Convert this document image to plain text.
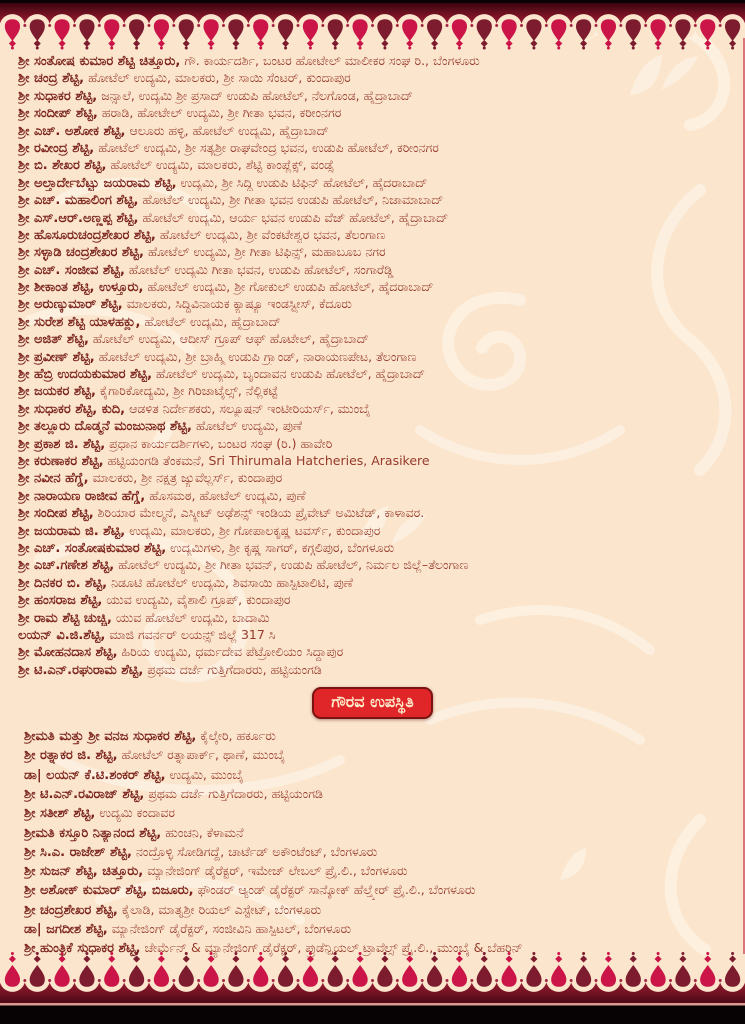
ಶ್ರೀ ಸಂತೋಷ ಕುಮಾರ ಶೆಟ್ಟಿ ಚಿತ್ತೂರು, ಗೌ. ಕಾರ್ಯದರ್ಶಿ, ಬಂಟರ ಹೋಟೇಲ್ ಮಾಲೀಕರ ಸಂಘ ರಿ., ಬೆಂಗಳೂರು
ಶ್ರೀ ಚಂದ್ರ ಶೆಟ್ಟಿ, ಹೋಟೆಲ್ ಉದ್ಯಮಿ, ಮಾಲಕರು, ಶ್ರೀ ಸಾಯಿ ಸೆಂಟರ್, ಕುಂದಾಪುರ
ಶ್ರೀ ಸುಧಾಕರ ಶೆಟ್ಟಿ, ಜನ್ಸಾಲೆ, ಉದ್ಯಮಿ ಶ್ರೀ ಪ್ರಸಾದ್ ಉಡುಪಿ ಹೋಟೆಲ್, ನೆಲಗೊಂಡ, ಹೈದ್ರಾಬಾದ್
ಶ್ರೀ ಸಂದೀಪ್ ಶೆಟ್ಟಿ, ಹರಾಡಿ, ಹೋಟೇಲ್ ಉದ್ಯಮಿ, ಶ್ರೀ ಗೀತಾ ಭವನ, ಕರೀಂನಗರ
ಶ್ರೀ ಎಚ್. ಅಶೋಕ ಶೆಟ್ಟಿ, ಆಲೂರು ಹಳ್ಳಿ, ಹೋಟೆಲ್ ಉದ್ಯಮಿ, ಹೈದ್ರಾಬಾದ್
ಶ್ರೀ ರವೀಂದ್ರ ಶೆಟ್ಟಿ, ಹೋಟೆಲ್ ಉದ್ಯಮಿ, ಶ್ರೀ ಸತ್ಯಶ್ರೀ ರಾಘವೇಂದ್ರ ಭವನ, ಉಡುಪಿ ಹೋಟೆಲ್, ಕರೀಂನಗರ
ಶ್ರೀ ಬಿ. ಶೇಖರ ಶೆಟ್ಟಿ, ಹೋಟೆಲ್ ಉದ್ಯಮಿ, ಮಾಲಕರು, ಶೆಟ್ಟಿ ಕಾಂಪ್ಲೆಕ್ಸ್, ವಂಡ್ಸೆ
ಶ್ರೀ ಅಲ್ತಾರ್ದೇಬೆಟ್ಟು ಜಯರಾಮ ಶೆಟ್ಟಿ, ಉದ್ಯಮಿ, ಶ್ರೀ ಸಿದ್ಧಿ ಉಡುಪಿ ಟಿಫಿನ್ ಹೋಟೆಲ್, ಹೈದರಾಬಾದ್
ಶ್ರೀ ಎಚ್. ಮಹಾಲಿಂಗ ಶೆಟ್ಟಿ, ಹೋಟೆಲ್ ಉದ್ಯಮಿ, ಶ್ರೀ ಗೀತಾ ಭವನ ಉಡುಪಿ ಹೋಟೆಲ್, ನಿಜಾಮಾಬಾದ್
ಶ್ರೀ ಎಸ್.ಆರ್.ಅಣ್ಣಪ್ಪ ಶೆಟ್ಟಿ, ಹೋಟೆಲ್ ಉದ್ಯಮಿ, ಆರ್ಯ ಭವನ ಉಡುಪಿ ವೆಜ್ ಹೋಟೆಲ್, ಹೈದ್ರಾಬಾದ್
ಶ್ರೀ ಹೊಸೂರುಚಂದ್ರಶೇಖರ ಶೆಟ್ಟಿ, ಹೋಟೆಲ್ ಉದ್ಯಮಿ, ಶ್ರೀ ವೆಂಕಟೇಶ್ವರ ಭವನ, ತೆಲಂಗಾಣ
ಶ್ರೀ ಸಳ್ಳಾಡಿ ಚಂದ್ರಶೇಖರ ಶೆಟ್ಟಿ, ಹೋಟೆಲ್ ಉದ್ಯಮಿ, ಶ್ರೀ ಗೀತಾ ಟಿಫಿನ್ಸ್, ಮಹಾಬೂಬ ನಗರ
ಶ್ರೀ ಎಚ್. ಸಂಜೀವ ಶೆಟ್ಟಿ, ಹೋಟೆಲ್ ಉದ್ಯಮಿ ಗೀತಾ ಭವನ, ಉಡುಪಿ ಹೋಟೆಲ್, ಸಂಗಾರೆಡ್ಡಿ
ಶ್ರೀ ಶೀಕಾಂತ ಶೆಟ್ಟಿ, ಉಳ್ತೂರು, ಹೋಟೆಲ್ ಉದ್ಯಮಿ, ಶ್ರೀ ಗೋಕುಲ್ ಉಡುಪಿ ಹೋಟೆಲ್, ಹೈದರಾಬಾದ್
ಶ್ರೀ ಅರುಣ್ಕುಮಾರ್ ಶೆಟ್ಟಿ, ಮಾಲಕರು, ಸಿದ್ಧಿವಿನಾಯಕ ಕ್ಯಾಷ್ಯೂ ಇಂಡಸ್ಟ್ರೀಸ್, ಕೆದೂರು
ಶ್ರೀ ಸುರೇಶ ಶೆಟ್ಟಿ ಯಾಳಹಕ್ಲು, ಹೋಟೆಲ್ ಉದ್ಯಮಿ, ಹೈದ್ರಾಬಾದ್
ಶ್ರೀ ಅಜಿತ್ ಶೆಟ್ಟಿ, ಹೋಟೆಲ್ ಉದ್ಯಮಿ, ಆದೀಸ್ ಗ್ರೂಪ್ ಆಫ್ ಹೊಟೇಲ್, ಹೈದ್ರಾಬಾದ್
ಶ್ರೀ ಪ್ರವೀಣ್ ಶೆಟ್ಟಿ, ಹೋಟೆಲ್ ಉದ್ಯಮಿ, ಶ್ರೀ ಬ್ರಾಹ್ಮಿ ಉಡುಪಿ ಗ್ರ್ಯಾಂಡ್, ನಾರಾಯಣಪೇಟ, ತೆಲಂಗಾಣ
ಶ್ರೀ ಹೆಬ್ರಿ ಉದಯಕುಮಾರ ಶೆಟ್ಟಿ, ಹೋಟೆಲ್ ಉದ್ಯಮಿ, ಬೃಂದಾವನ ಉಡುಪಿ ಹೋಟೆಲ್, ಹೈದ್ರಾಬಾದ್
ಶ್ರೀ ಜಯಕರ ಶೆಟ್ಟಿ, ಕೈಗಾರಿಕೋದ್ಯಮಿ, ಶ್ರೀ ಗಿರಿಜಾಟೈಲ್ಸ್, ನೆಲ್ಲಿಕಟ್ಟೆ
ಶ್ರೀ ಸುಧಾಕರ ಶೆಟ್ಟಿ, ಕುದಿ, ಆಡಳಿತ ನಿರ್ದೇಶಕರು, ಸಲ್ಯೂಷನ್ ಇಂಟೀರಿಯರ್ಸ್, ಮುಂಬೈ
ಶ್ರೀ ತಲ್ಲೂರು ದೊಡ್ಮನೆ ಮಂಜುನಾಥ ಶೆಟ್ಟಿ, ಹೋಟೆಲ್ ಉದ್ಯಮಿ, ಪುಣೆ
ಶ್ರೀ ಪ್ರಕಾಶ ಜಿ. ಶೆಟ್ಟಿ, ಪ್ರಧಾನ ಕಾರ್ಯದರ್ಶಿಗಳು, ಬಂಟರ ಸಂಘ (ರಿ.) ಹಾವೇರಿ
ಶ್ರೀ ಕರುಣಾಕರ ಶೆಟ್ಟಿ, ಹಟ್ಟಿಯಂಗಡಿ ತೆಂಕಮನೆ, Sri Thirumala Hatcheries, Arasikere
ಶ್ರೀ ನವೀನ ಹೆಗ್ಡೆ, ಮಾಲಕರು, ಶ್ರೀ ನಕ್ಷತ್ರ ಜ್ಯುವೆಲ್ಲರ್ಸ್, ಕುಂದಾಪುರ
ಶ್ರೀ ನಾರಾಯಣ ರಾಜೀವ ಹೆಗ್ಡೆ, ಹೊಸಮಠ, ಹೋಟೆಲ್ ಉದ್ಯಮಿ, ಪುಣೆ
ಶ್ರೀ ಸಂದೀಪ ಶೆಟ್ಟಿ, ಶಿರಿಯಾರ ಮೇಲ್ಮನೆ, ಎಸ್ಕ್ರೀಟ್ ಅಢೆಶನ್ಸ್ ಇಂಡಿಯ ಪ್ರೈವೇಟ್ ಅಮಿಟೆಡ್, ಕಾಳಾವರ.
ಶ್ರೀ ಜಯರಾಮ ಜಿ. ಶೆಟ್ಟಿ, ಉದ್ಯಮಿ, ಮಾಲಕರು, ಶ್ರೀ ಗೋಪಾಲಕೃಷ್ಣ ಟವರ್ಸ್, ಕುಂದಾಪುರ
ಶ್ರೀ ಎಚ್. ಸಂತೋಷಕುಮಾರ ಶೆಟ್ಟಿ, ಉದ್ಯಮಿಗಳು, ಶ್ರೀ ಕೃಷ್ಣ ಸಾಗರ್, ಕಗ್ಗಲಿಪುರ, ಬೆಂಗಳೂರು
ಶ್ರೀ ಎಚ್.ಗಣೇಶ ಶೆಟ್ಟಿ, ಹೋಟೆಲ್ ಉದ್ಯಮಿ, ಶ್ರೀ ಗೀತಾ ಭವನ್, ಉಡುಪಿ ಹೋಟೆಲ್, ನಿರ್ಮಲ ಜಿಲ್ಲೆ–ತೆಲಂಗಾಣ
ಶ್ರೀ ದಿನಕರ ಬಿ. ಶೆಟ್ಟಿ, ನಿಡೂಟಿ ಹೋಟೆಲ್ ಉದ್ಯಮಿ, ಶಿವಸಾಯಿ ಹಾಸ್ಪಿಟಾಲಿಟಿ, ಪುಣೆ
ಶ್ರೀ ಹಂಸರಾಜ ಶೆಟ್ಟಿ, ಯುವ ಉದ್ಯಮಿ, ವೈಶಾಲಿ ಗ್ರೂಪ್, ಕುಂದಾಪುರ
ಶ್ರೀ ರಾಮ ಶೆಟ್ಟಿ ಚುಚ್ಚಿ, ಯುವ ಹೋಟೆಲ್ ಉದ್ಯಮಿ, ಬಾದಾಮಿ
ಲಯನ್ ವಿ.ಜಿ.ಶೆಟ್ಟಿ, ಮಾಜಿ ಗವರ್ನರ್ ಲಯನ್ಸ್ ಜಿಲ್ಲೆ 317 ಸಿ
ಶ್ರೀ ಮೋಹನದಾಸ ಶೆಟ್ಟಿ, ಹಿರಿಯ ಉದ್ಯಮಿ, ಧರ್ಮದೇವ ಪೆಟ್ರೋಲಿಯಂ ಸಿದ್ದಾಪುರ
ಶ್ರೀ ಟಿ.ಎನ್.ರಘುರಾಮ ಶೆಟ್ಟಿ, ಪ್ರಥಮ ದರ್ಜೆ ಗುತ್ತಿಗೆದಾರರು, ಹಟ್ಟಿಯಂಗಡಿ
ಗೌರವ ಉಪಸ್ಥಿತಿ
ಶ್ರೀಮತಿ ಮತ್ತು ಶ್ರೀ ವನಜ ಸುಧಾಕರ ಶೆಟ್ಟಿ, ಕೈಲ್ಕೇರಿ, ಹರ್ಕೂರು
ಶ್ರೀ ರತ್ನಾಕರ ಜಿ. ಶೆಟ್ಟಿ, ಹೋಟೆಲ್ ರತ್ನಾಪಾರ್ಕ್, ಥಾಣೆ, ಮುಂಬೈ
ಡಾ| ಲಯನ್ ಕೆ.ಟಿ.ಶಂಕರ್ ಶೆಟ್ಟಿ, ಉದ್ಯಮಿ, ಮುಂಬೈ
ಶ್ರೀ ಟಿ.ಎನ್.ರವಿರಾಜ್ ಶೆಟ್ಟಿ, ಪ್ರಥಮ ದರ್ಜೆ ಗುತ್ತಿಗೆದಾರರು, ಹಟ್ಟಿಯಂಗಡಿ
ಶ್ರೀ ಸತೀಶ್ ಶೆಟ್ಟಿ, ಉದ್ಯಮಿ ಕಂದಾವರ
ಶ್ರೀಮತಿ ಕಸ್ತೂರಿ ನಿತ್ಯಾನಂದ ಶೆಟ್ಟಿ, ಹುಂಚನಿ, ಕೆಳಾಮನೆ
ಶ್ರೀ ಸಿ.ಎ. ರಾಜೇಶ್ ಶೆಟ್ಟಿ, ನಂದ್ರೊಳ್ಳಿ ಸೋಡಿಗದ್ದೆ, ಚಾರ್ಟೆಡ್ ಅಕೌಂಟೆಂಟ್, ಬೆಂಗಳೂರು
ಶ್ರೀ ಸುಜನ್ ಶೆಟ್ಟಿ, ಚಿತ್ತೂರು, ಮ್ಯಾನೇಜಿಂಗ್ ಡೈರೆಕ್ಟರ್, ಇಮೇಜ್ ಲೇಬಲ್ ಪ್ರೈ.ಲಿ., ಬೆಂಗಳೂರು
ಶ್ರೀ ಅಶೋಕ್ ಕುಮಾರ್ ಶೆಟ್ಟಿ, ಬಿಜೂರು, ಫೌಂಡರ್ ಆ್ಯಂಡ್ ಡೈರೆಕ್ಟರ್ ಸಾನ್ಶೋಕ್ ಹೆಲ್ತ್ಕೇರ್ ಪ್ರೈ.ಲಿ., ಬೆಂಗಳೂರು
ಶ್ರೀ ಚಂದ್ರಶೇಖರ ಶೆಟ್ಟಿ, ಕೈಲಾಡಿ, ಮಾತೃಶ್ರೀ ರಿಯಲ್ ಎಸ್ಟೇಟ್, ಬೆಂಗಳೂರು
ಡಾ| ಜಗದೀಶ ಶೆಟ್ಟಿ, ಮ್ಯಾನೇಜಿಂಗ್ ಡೈರೆಕ್ಟರ್, ಸಂಜೀವಿನಿ ಹಾಸ್ಪಿಟಲ್, ಬೆಂಗಳೂರು
ಶ್ರೀ ಹುಂತ್ರಿಕೆ ಸುಧಾಕರ ಶೆಟ್ಟಿ, ಚೇರ್ಮೆನ್ & ಮ್ಯಾನೇಜಿಂಗ್ ಡೈರೆಕ್ಟರ್, ಪ್ರುಡೆನ್ಷಿಯಲ್ ಟ್ರಾವೆಲ್ಸ್ ಪ್ರೈ.ಲಿ., ಮುಂಬೈ & ಬೆಹರಿನ್
